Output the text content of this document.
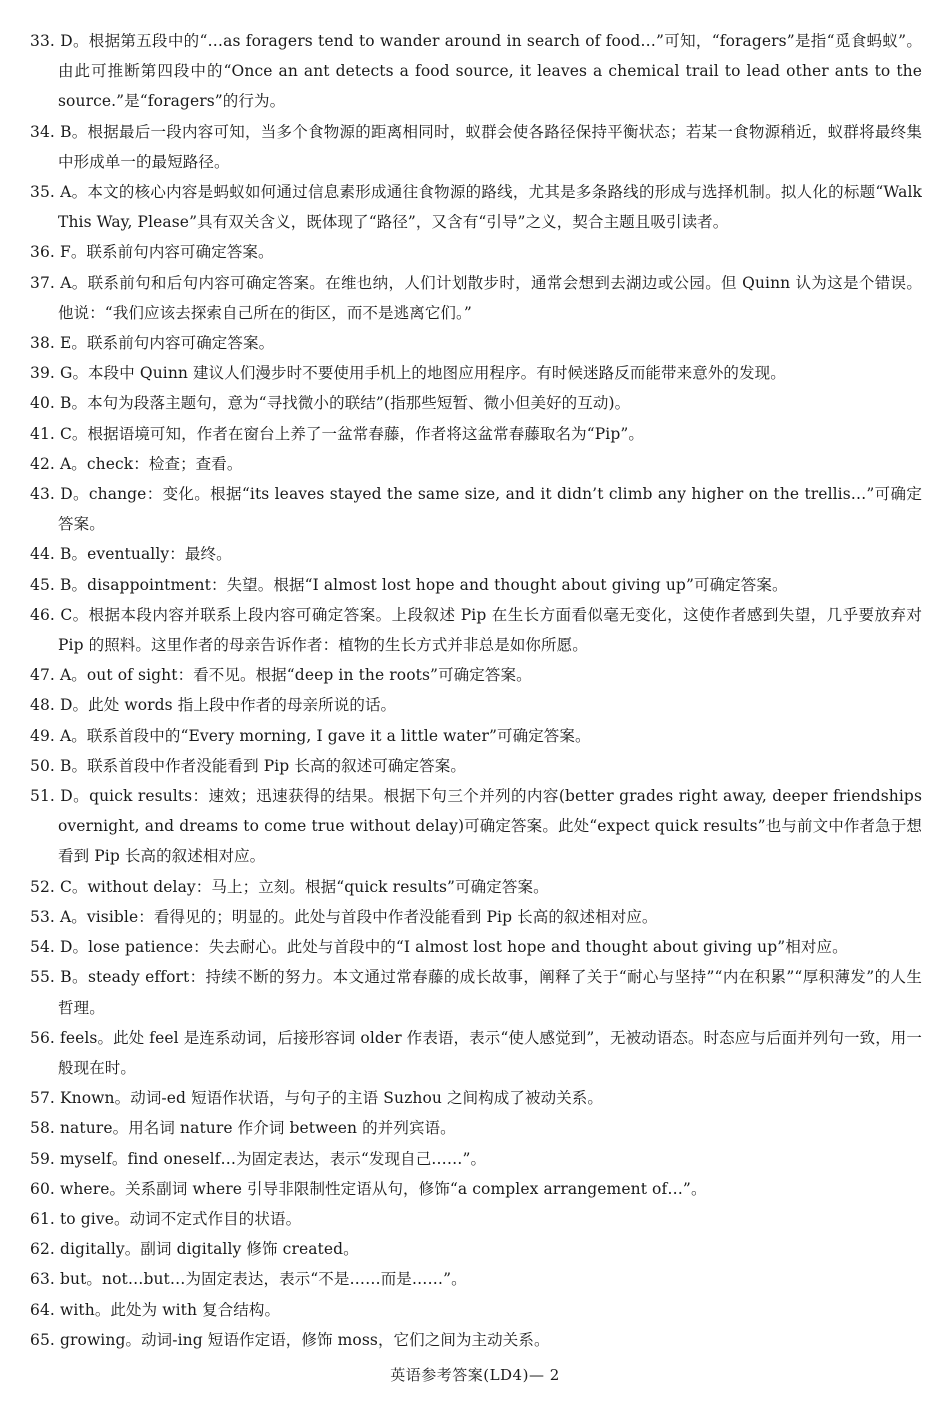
33. D。根据第五段中的“…as foragers tend to wander around in search of food…”可知，“foragers”是指“觅食蚂蚁”。由此可推断第四段中的“Once an ant detects a food source, it leaves a chemical trail to lead other ants to the source.”是“foragers”的行为。
34. B。根据最后一段内容可知，当多个食物源的距离相同时，蚁群会使各路径保持平衡状态；若某一食物源稍近，蚁群将最终集中形成单一的最短路径。
35. A。本文的核心内容是蚂蚁如何通过信息素形成通往食物源的路线，尤其是多条路线的形成与选择机制。拟人化的标题“Walk This Way, Please”具有双关含义，既体现了“路径”，又含有“引导”之义，契合主题且吸引读者。
36. F。联系前句内容可确定答案。
37. A。联系前句和后句内容可确定答案。在维也纳，人们计划散步时，通常会想到去湖边或公园。但 Quinn 认为这是个错误。他说：“我们应该去探索自己所在的街区，而不是逃离它们。”
38. E。联系前句内容可确定答案。
39. G。本段中 Quinn 建议人们漫步时不要使用手机上的地图应用程序。有时候迷路反而能带来意外的发现。
40. B。本句为段落主题句，意为“寻找微小的联结”(指那些短暂、微小但美好的互动)。
41. C。根据语境可知，作者在窗台上养了一盆常春藤，作者将这盆常春藤取名为“Pip”。
42. A。check：检查；查看。
43. D。change：变化。根据“its leaves stayed the same size, and it didn’t climb any higher on the trellis…”可确定答案。
44. B。eventually：最终。
45. B。disappointment：失望。根据“I almost lost hope and thought about giving up”可确定答案。
46. C。根据本段内容并联系上段内容可确定答案。上段叙述 Pip 在生长方面看似毫无变化，这使作者感到失望，几乎要放弃对 Pip 的照料。这里作者的母亲告诉作者：植物的生长方式并非总是如你所愿。
47. A。out of sight：看不见。根据“deep in the roots”可确定答案。
48. D。此处 words 指上段中作者的母亲所说的话。
49. A。联系首段中的“Every morning, I gave it a little water”可确定答案。
50. B。联系首段中作者没能看到 Pip 长高的叙述可确定答案。
51. D。quick results：速效；迅速获得的结果。根据下句三个并列的内容(better grades right away, deeper friendships overnight, and dreams to come true without delay)可确定答案。此处“expect quick results”也与前文中作者急于想看到 Pip 长高的叙述相对应。
52. C。without delay：马上；立刻。根据“quick results”可确定答案。
53. A。visible：看得见的；明显的。此处与首段中作者没能看到 Pip 长高的叙述相对应。
54. D。lose patience：失去耐心。此处与首段中的“I almost lost hope and thought about giving up”相对应。
55. B。steady effort：持续不断的努力。本文通过常春藤的成长故事，阐释了关于“耐心与坚持”“内在积累”“厚积薄发”的人生哲理。
56. feels。此处 feel 是连系动词，后接形容词 older 作表语，表示“使人感觉到”，无被动语态。时态应与后面并列句一致，用一般现在时。
57. Known。动词-ed 短语作状语，与句子的主语 Suzhou 之间构成了被动关系。
58. nature。用名词 nature 作介词 between 的并列宾语。
59. myself。find oneself…为固定表达，表示“发现自己……”。
60. where。关系副词 where 引导非限制性定语从句，修饰“a complex arrangement of…”。
61. to give。动词不定式作目的状语。
62. digitally。副词 digitally 修饰 created。
63. but。not…but…为固定表达，表示“不是……而是……”。
64. with。此处为 with 复合结构。
65. growing。动词-ing 短语作定语，修饰 moss，它们之间为主动关系。
英语参考答案(LD4)— 2
